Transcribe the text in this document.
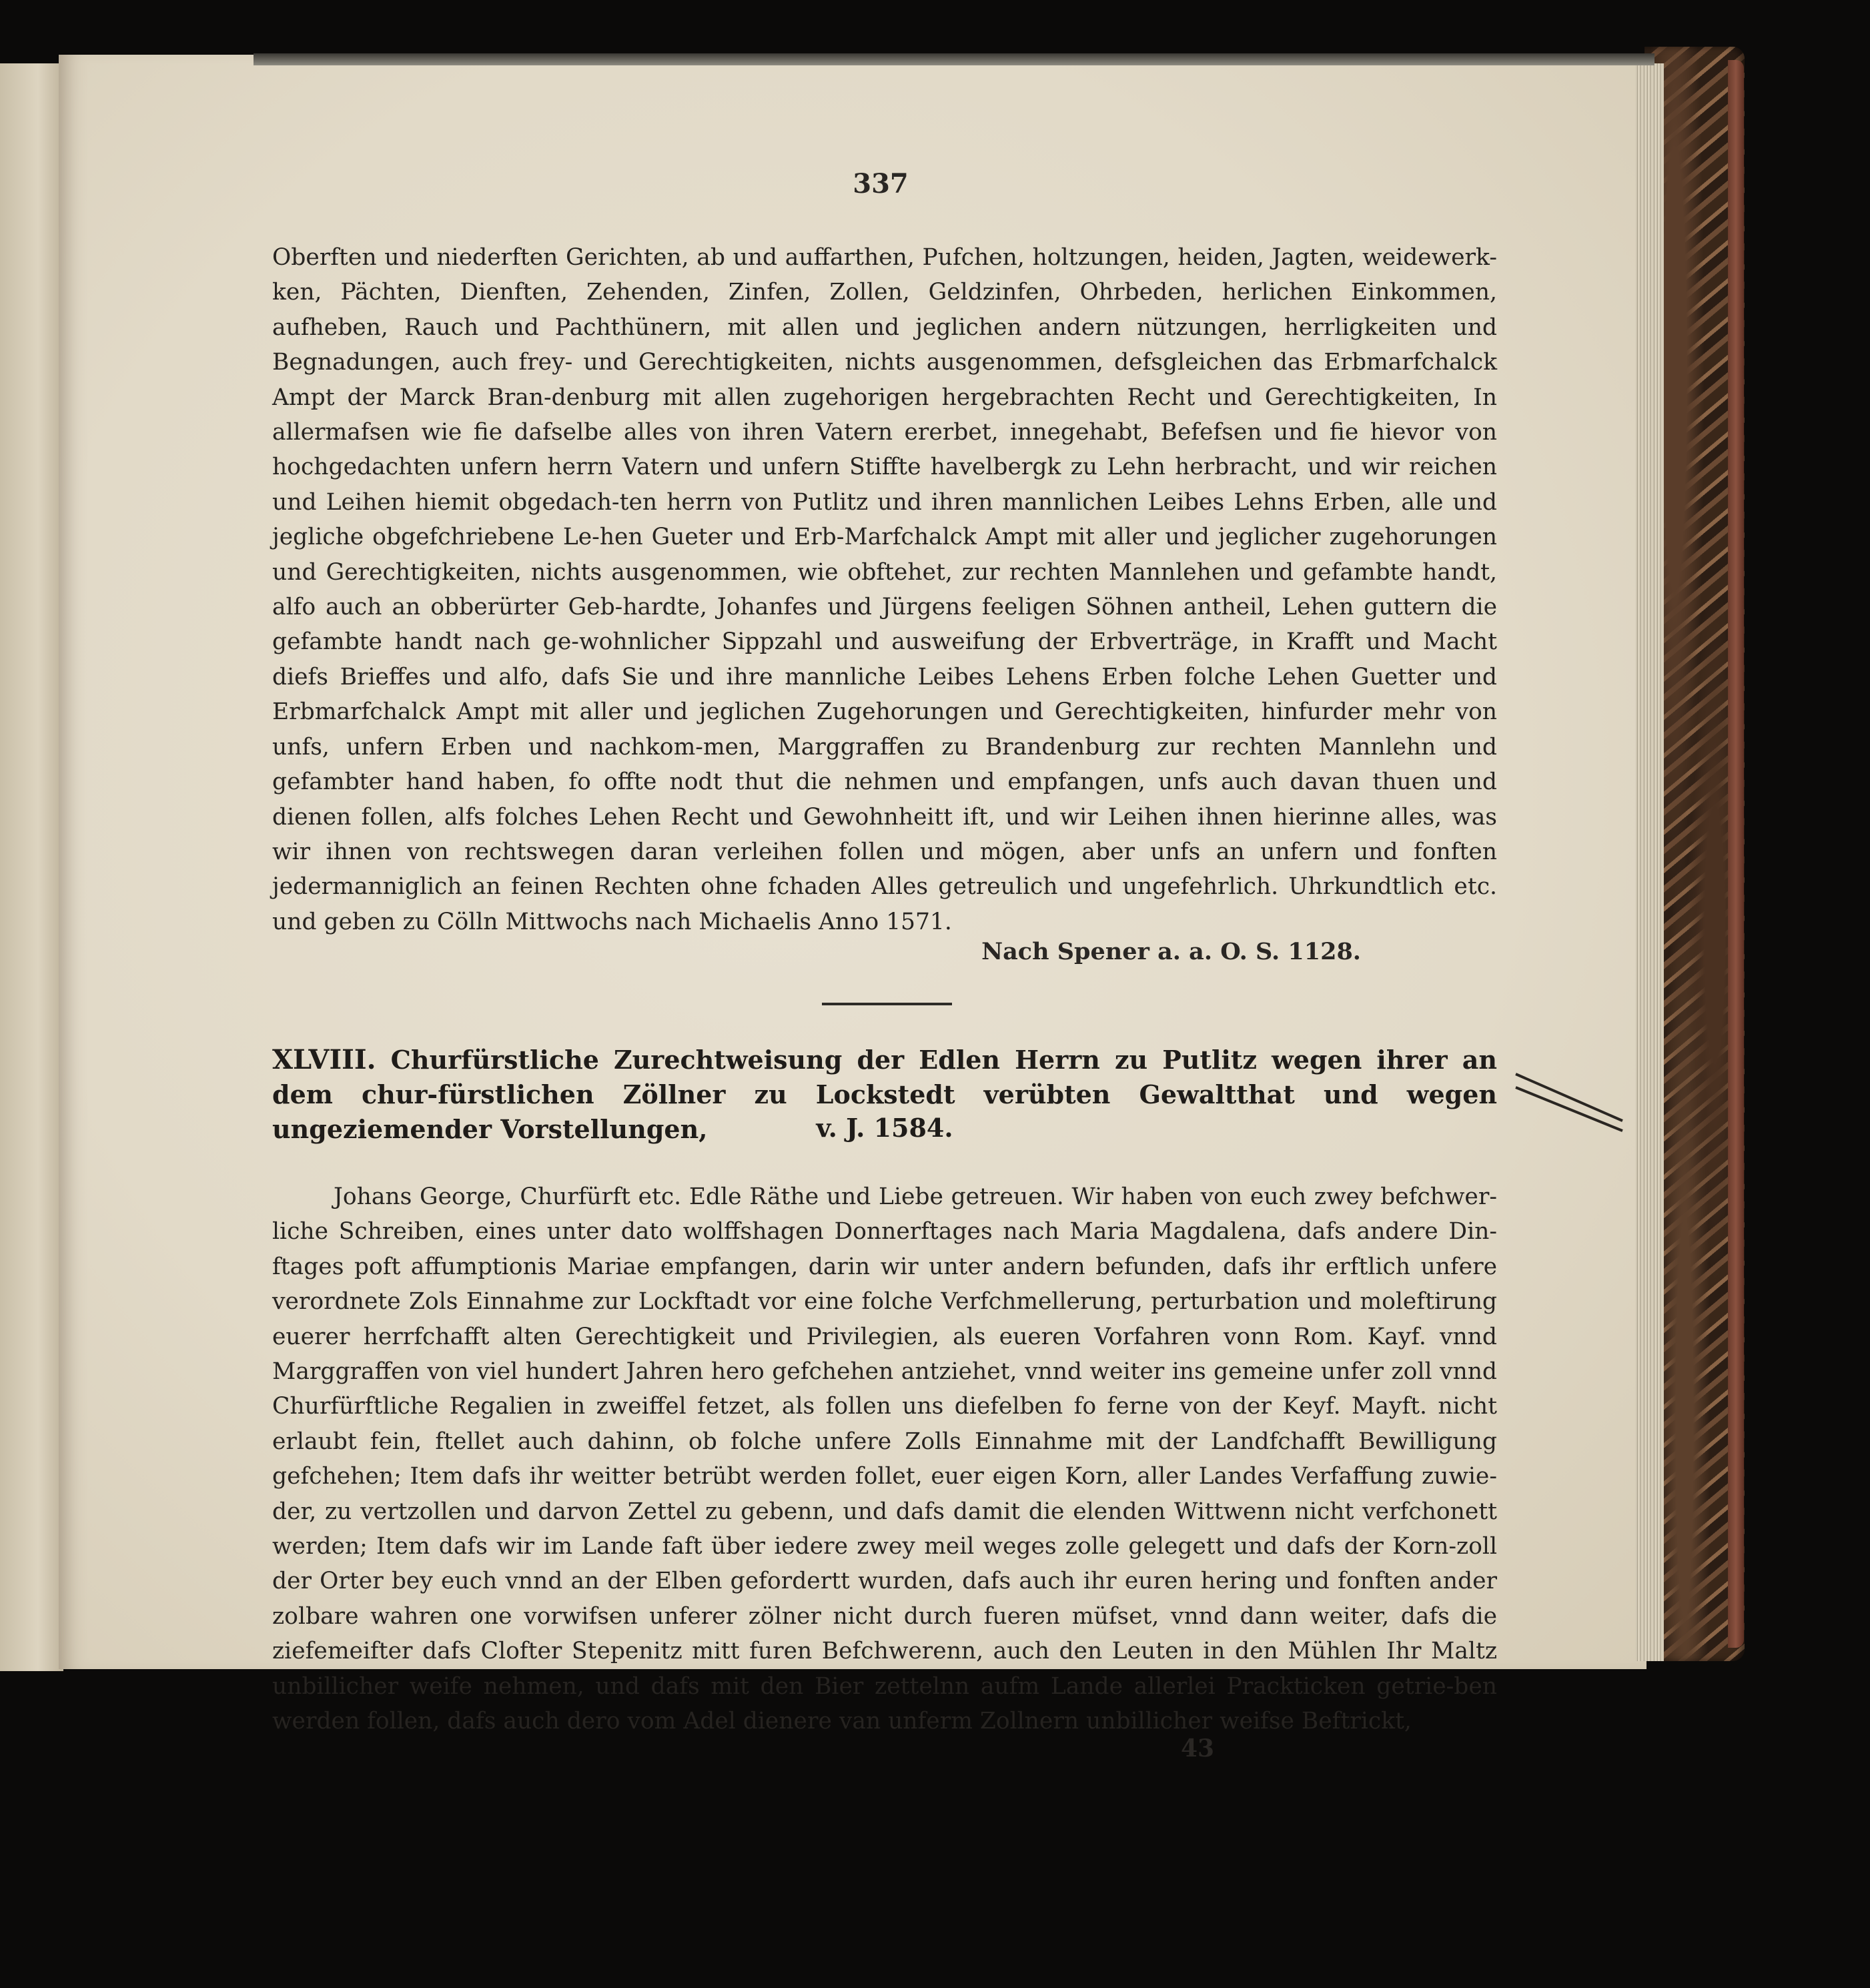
337
Oberften und niederften Gerichten, ab und auffarthen, Pufchen, holtzungen, heiden, Jagten, weidewerk-ken, Pächten, Dienften, Zehenden, Zinfen, Zollen, Geldzinfen, Ohrbeden, herlichen Einkommen, aufheben, Rauch und Pachthünern, mit allen und jeglichen andern nützungen, herrligkeiten und Begnadungen, auch frey- und Gerechtigkeiten, nichts ausgenommen, defsgleichen das Erbmarfchalck Ampt der Marck Bran-denburg mit allen zugehorigen hergebrachten Recht und Gerechtigkeiten, In allermafsen wie fie dafselbe alles von ihren Vatern ererbet, innegehabt, Befefsen und fie hievor von hochgedachten unfern herrn Vatern und unfern Stiffte havelbergk zu Lehn herbracht, und wir reichen und Leihen hiemit obgedach-ten herrn von Putlitz und ihren mannlichen Leibes Lehns Erben, alle und jegliche obgefchriebene Le-hen Gueter und Erb-Marfchalck Ampt mit aller und jeglicher zugehorungen und Gerechtigkeiten, nichts ausgenommen, wie obftehet, zur rechten Mannlehen und gefambte handt, alfo auch an obberürter Geb-hardte, Johanfes und Jürgens feeligen Söhnen antheil, Lehen guttern die gefambte handt nach ge-wohnlicher Sippzahl und ausweifung der Erbverträge, in Krafft und Macht diefs Brieffes und alfo, dafs Sie und ihre mannliche Leibes Lehens Erben folche Lehen Guetter und Erbmarfchalck Ampt mit aller und jeglichen Zugehorungen und Gerechtigkeiten, hinfurder mehr von unfs, unfern Erben und nachkom-men, Marggraffen zu Brandenburg zur rechten Mannlehn und gefambter hand haben, fo offte nodt thut die nehmen und empfangen, unfs auch davan thuen und dienen follen, alfs folches Lehen Recht und Gewohnheitt ift, und wir Leihen ihnen hierinne alles, was wir ihnen von rechtswegen daran verleihen follen und mögen, aber unfs an unfern und fonften jedermanniglich an feinen Rechten ohne fchaden Alles getreulich und ungefehrlich. Uhrkundtlich etc. und geben zu Cölln Mittwochs nach Michaelis Anno 1571.
Nach Spener a. a. O. S. 1128.
XLVIII. Churfürstliche Zurechtweisung der Edlen Herrn zu Putlitz wegen ihrer an dem chur-fürstlichen Zöllner zu Lockstedt verübten Gewaltthat und wegen ungeziemender Vorstellungen,	v. J. 1584.
Johans George, Churfürft etc. Edle Räthe und Liebe getreuen. Wir haben von euch zwey befchwer-liche Schreiben, eines unter dato wolffshagen Donnerftages nach Maria Magdalena, dafs andere Din-ftages poft affumptionis Mariae empfangen, darin wir unter andern befunden, dafs ihr erftlich unfere verordnete Zols Einnahme zur Lockftadt vor eine folche Verfchmellerung, perturbation und moleftirung euerer herrfchafft alten Gerechtigkeit und Privilegien, als eueren Vorfahren vonn Rom. Kayf. vnnd Marggraffen von viel hundert Jahren hero gefchehen antziehet, vnnd weiter ins gemeine unfer zoll vnnd Churfürftliche Regalien in zweiffel fetzet, als follen uns diefelben fo ferne von der Keyf. Mayft. nicht erlaubt fein, ftellet auch dahinn, ob folche unfere Zolls Einnahme mit der Landfchafft Bewilligung gefchehen; Item dafs ihr weitter betrübt werden follet, euer eigen Korn, aller Landes Verfaffung zuwie-der, zu vertzollen und darvon Zettel zu gebenn, und dafs damit die elenden Wittwenn nicht verfchonett werden; Item dafs wir im Lande faft über iedere zwey meil weges zolle gelegett und dafs der Korn-zoll der Orter bey euch vnnd an der Elben gefordertt wurden, dafs auch ihr euren hering und fonften ander zolbare wahren one vorwifsen unferer zölner nicht durch fueren müfset, vnnd dann weiter, dafs die ziefemeifter dafs Clofter Stepenitz mitt furen Befchwerenn, auch den Leuten in den Mühlen Ihr Maltz unbillicher weife nehmen, und dafs mit den Bier zettelnn aufm Lande allerlei Prackticken getrie-ben werden follen, dafs auch dero vom Adel dienere van unferm Zollnern unbillicher weifse Beftrickt,
43
